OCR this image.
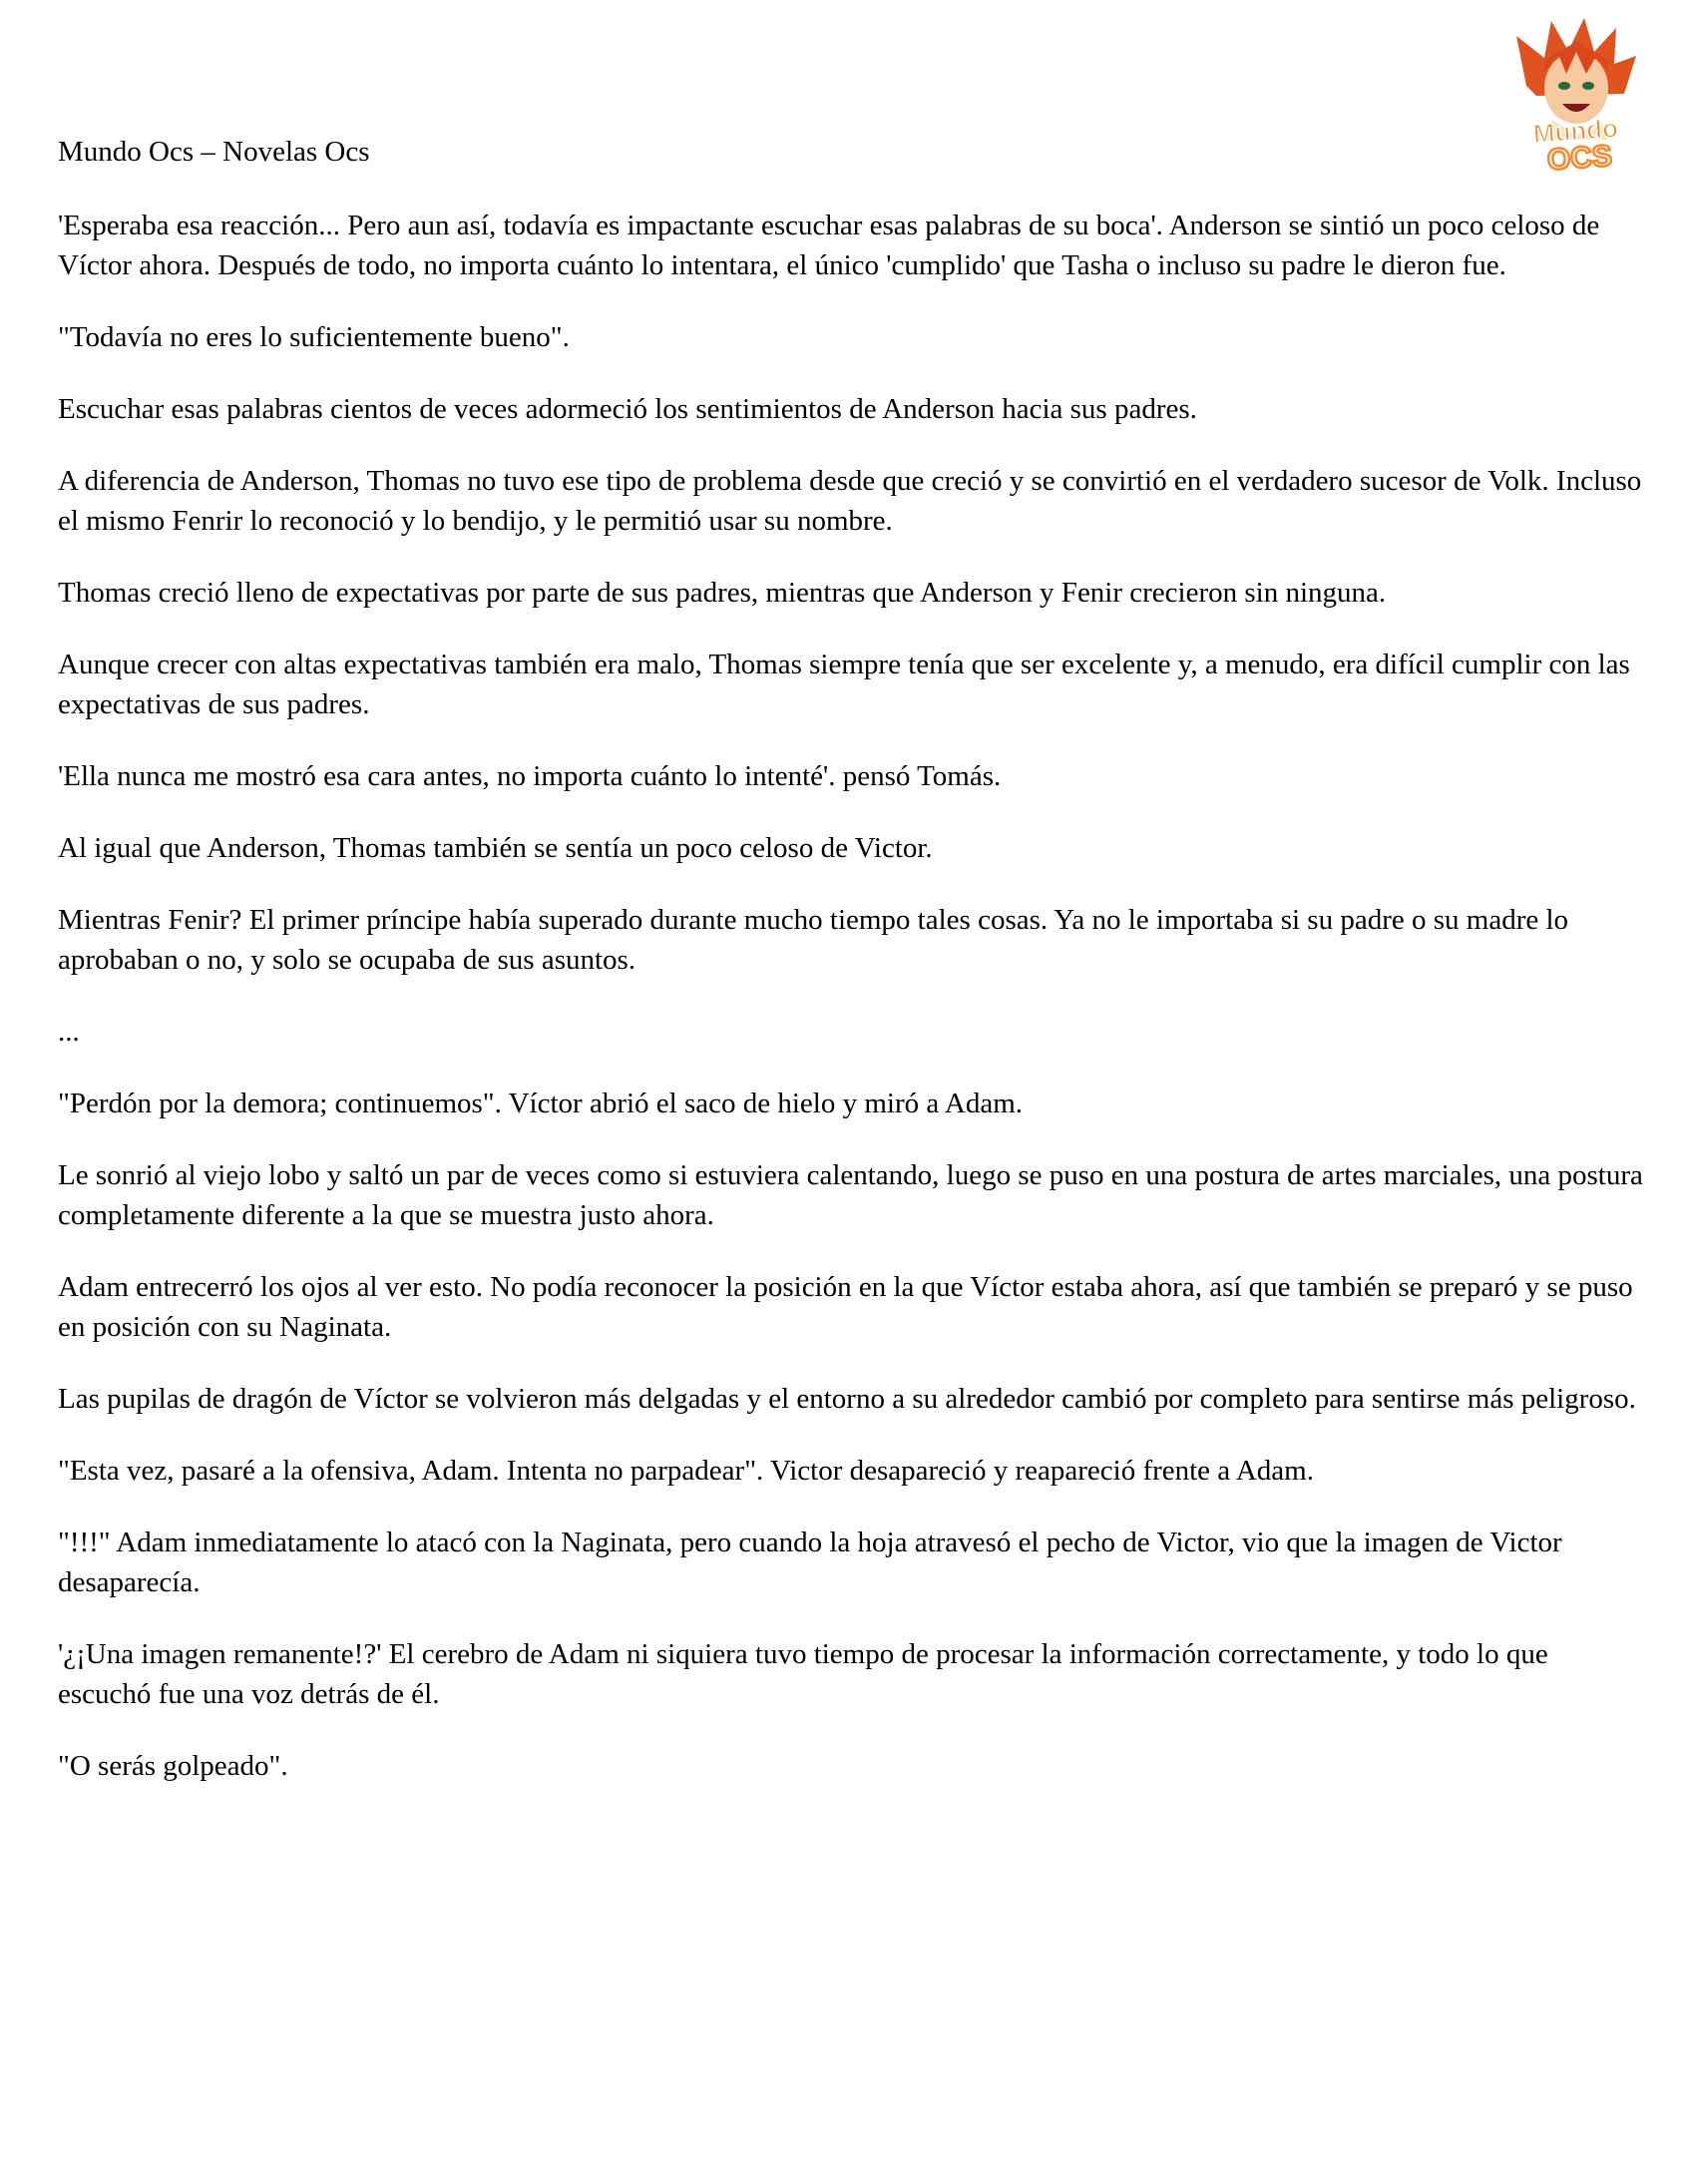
Mundo
OCS
Mundo Ocs – Novelas Ocs

'Esperaba esa reacción... Pero aun así, todavía es impactante escuchar esas palabras de su boca'. Anderson se sintió un poco celoso de Víctor ahora. Después de todo, no importa cuánto lo intentara, el único 'cumplido' que Tasha o incluso su padre le dieron fue.

"Todavía no eres lo suficientemente bueno".

Escuchar esas palabras cientos de veces adormeció los sentimientos de Anderson hacia sus padres.

A diferencia de Anderson, Thomas no tuvo ese tipo de problema desde que creció y se convirtió en el verdadero sucesor de Volk. Incluso el mismo Fenrir lo reconoció y lo bendijo, y le permitió usar su nombre.

Thomas creció lleno de expectativas por parte de sus padres, mientras que Anderson y Fenir crecieron sin ninguna.

Aunque crecer con altas expectativas también era malo, Thomas siempre tenía que ser excelente y, a menudo, era difícil cumplir con las expectativas de sus padres.

'Ella nunca me mostró esa cara antes, no importa cuánto lo intenté'. pensó Tomás.

Al igual que Anderson, Thomas también se sentía un poco celoso de Victor.

Mientras Fenir? El primer príncipe había superado durante mucho tiempo tales cosas. Ya no le importaba si su padre o su madre lo aprobaban o no, y solo se ocupaba de sus asuntos.

...

"Perdón por la demora; continuemos". Víctor abrió el saco de hielo y miró a Adam.

Le sonrió al viejo lobo y saltó un par de veces como si estuviera calentando, luego se puso en una postura de artes marciales, una postura completamente diferente a la que se muestra justo ahora.

Adam entrecerró los ojos al ver esto. No podía reconocer la posición en la que Víctor estaba ahora, así que también se preparó y se puso en posición con su Naginata.

Las pupilas de dragón de Víctor se volvieron más delgadas y el entorno a su alrededor cambió por completo para sentirse más peligroso.

"Esta vez, pasaré a la ofensiva, Adam. Intenta no parpadear". Victor desapareció y reapareció frente a Adam.

"!!!" Adam inmediatamente lo atacó con la Naginata, pero cuando la hoja atravesó el pecho de Victor, vio que la imagen de Victor desaparecía.

'¿¡Una imagen remanente!?' El cerebro de Adam ni siquiera tuvo tiempo de procesar la información correctamente, y todo lo que escuchó fue una voz detrás de él.

"O serás golpeado".
